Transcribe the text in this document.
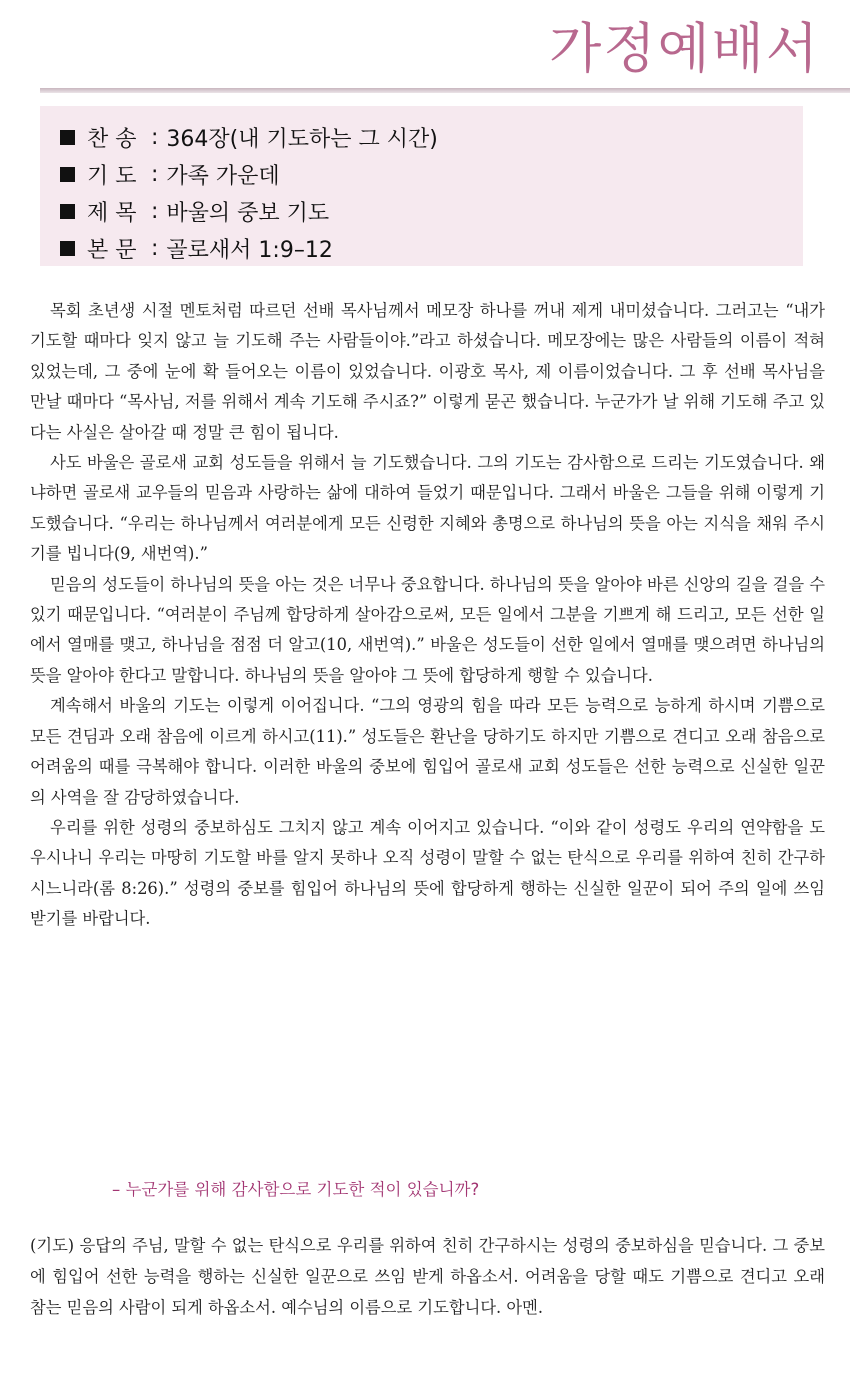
가정예배서
찬 송 : 364장(내 기도하는 그 시간)
기 도 : 가족 가운데
제 목 : 바울의 중보 기도
본 문 : 골로새서 1:9–12

목회 초년생 시절 멘토처럼 따르던 선배 목사님께서 메모장 하나를 꺼내 제게 내미셨습니다. 그러고는 “내가 기도할 때마다 잊지 않고 늘 기도해 주는 사람들이야.”라고 하셨습니다. 메모장에는 많은 사람들의 이름이 적혀 있었는데, 그 중에 눈에 확 들어오는 이름이 있었습니다. 이광호 목사, 제 이름이었습니다. 그 후 선배 목사님을 만날 때마다 “목사님, 저를 위해서 계속 기도해 주시죠?” 이렇게 묻곤 했습니다. 누군가가 날 위해 기도해 주고 있다는 사실은 살아갈 때 정말 큰 힘이 됩니다.

사도 바울은 골로새 교회 성도들을 위해서 늘 기도했습니다. 그의 기도는 감사함으로 드리는 기도였습니다. 왜냐하면 골로새 교우들의 믿음과 사랑하는 삶에 대하여 들었기 때문입니다. 그래서 바울은 그들을 위해 이렇게 기도했습니다. “우리는 하나님께서 여러분에게 모든 신령한 지혜와 총명으로 하나님의 뜻을 아는 지식을 채워 주시기를 빕니다(9, 새번역).”

믿음의 성도들이 하나님의 뜻을 아는 것은 너무나 중요합니다. 하나님의 뜻을 알아야 바른 신앙의 길을 걸을 수 있기 때문입니다. “여러분이 주님께 합당하게 살아감으로써, 모든 일에서 그분을 기쁘게 해 드리고, 모든 선한 일에서 열매를 맺고, 하나님을 점점 더 알고(10, 새번역).” 바울은 성도들이 선한 일에서 열매를 맺으려면 하나님의 뜻을 알아야 한다고 말합니다. 하나님의 뜻을 알아야 그 뜻에 합당하게 행할 수 있습니다.

계속해서 바울의 기도는 이렇게 이어집니다. “그의 영광의 힘을 따라 모든 능력으로 능하게 하시며 기쁨으로 모든 견딤과 오래 참음에 이르게 하시고(11).” 성도들은 환난을 당하기도 하지만 기쁨으로 견디고 오래 참음으로 어려움의 때를 극복해야 합니다. 이러한 바울의 중보에 힘입어 골로새 교회 성도들은 선한 능력으로 신실한 일꾼의 사역을 잘 감당하였습니다.

우리를 위한 성령의 중보하심도 그치지 않고 계속 이어지고 있습니다. “이와 같이 성령도 우리의 연약함을 도우시나니 우리는 마땅히 기도할 바를 알지 못하나 오직 성령이 말할 수 없는 탄식으로 우리를 위하여 친히 간구하시느니라(롬 8:26).” 성령의 중보를 힘입어 하나님의 뜻에 합당하게 행하는 신실한 일꾼이 되어 주의 일에 쓰임 받기를 바랍니다.

– 누군가를 위해 감사함으로 기도한 적이 있습니까?

(기도) 응답의 주님, 말할 수 없는 탄식으로 우리를 위하여 친히 간구하시는 성령의 중보하심을 믿습니다. 그 중보에 힘입어 선한 능력을 행하는 신실한 일꾼으로 쓰임 받게 하옵소서. 어려움을 당할 때도 기쁨으로 견디고 오래 참는 믿음의 사람이 되게 하옵소서. 예수님의 이름으로 기도합니다. 아멘.
